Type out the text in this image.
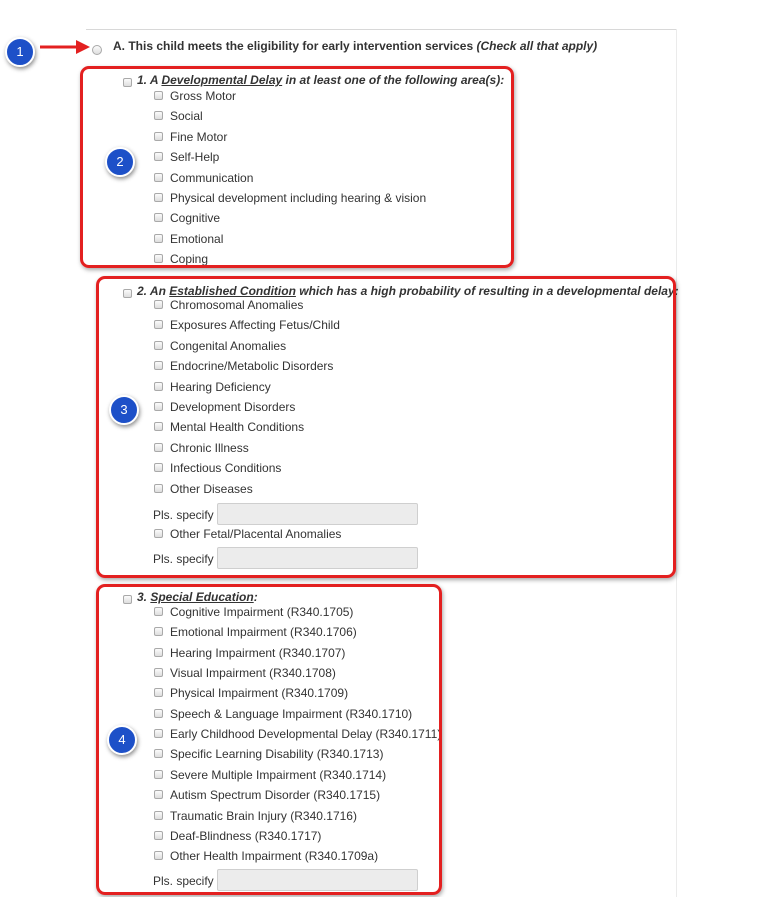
A. This child meets the eligibility for early intervention services (Check all that apply)
1. A Developmental Delay in at least one of the following area(s):
Gross Motor
Social
Fine Motor
Self-Help
Communication
Physical development including hearing & vision
Cognitive
Emotional
Coping
2. An Established Condition which has a high probability of resulting in a developmental delay:
Chromosomal Anomalies
Exposures Affecting Fetus/Child
Congenital Anomalies
Endocrine/Metabolic Disorders
Hearing Deficiency
Development Disorders
Mental Health Conditions
Chronic Illness
Infectious Conditions
Other Diseases
Pls. specify
Other Fetal/Placental Anomalies
Pls. specify
3. Special Education:
Cognitive Impairment (R340.1705)
Emotional Impairment (R340.1706)
Hearing Impairment (R340.1707)
Visual Impairment (R340.1708)
Physical Impairment (R340.1709)
Speech & Language Impairment (R340.1710)
Early Childhood Developmental Delay (R340.1711)
Specific Learning Disability (R340.1713)
Severe Multiple Impairment (R340.1714)
Autism Spectrum Disorder (R340.1715)
Traumatic Brain Injury (R340.1716)
Deaf-Blindness (R340.1717)
Other Health Impairment (R340.1709a)
Pls. specify
1
2
3
4
